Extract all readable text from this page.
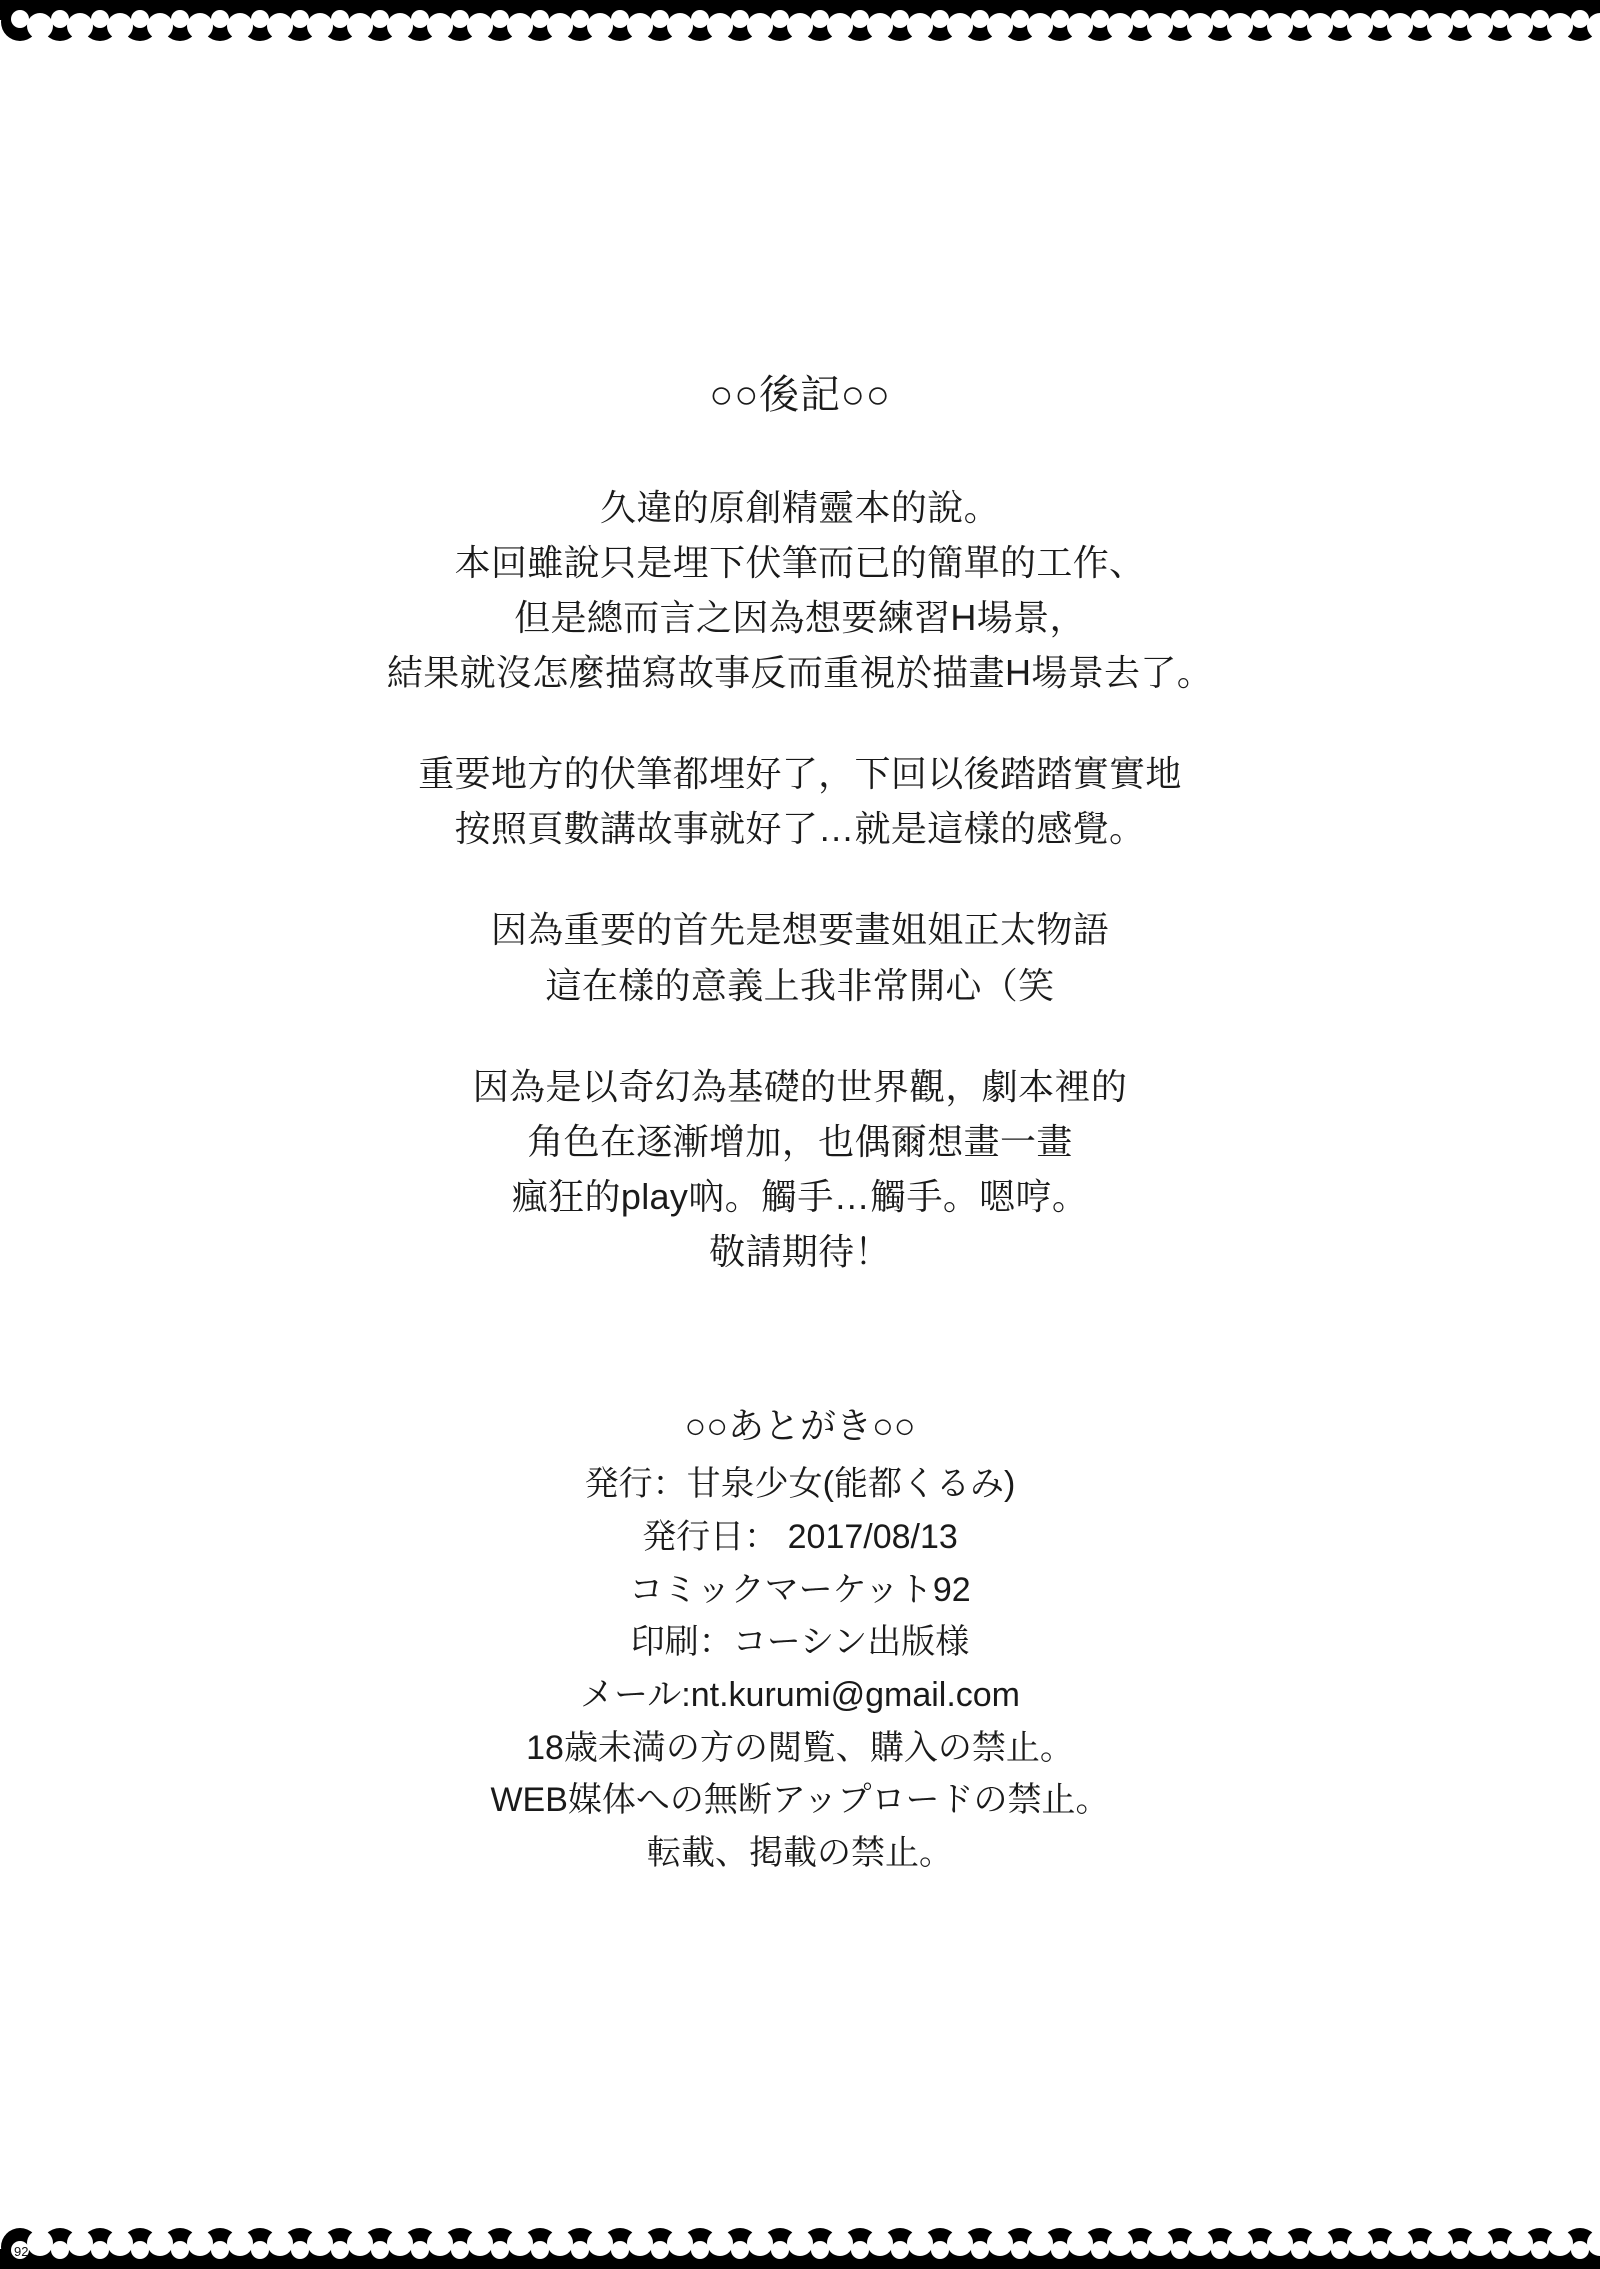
○○後記○○
久違的原創精靈本的說。
本回雖說只是埋下伏筆而已的簡單的工作、
但是總而言之因為想要練習H場景，
結果就沒怎麼描寫故事反而重視於描畫H場景去了。
重要地方的伏筆都埋好了，下回以後踏踏實實地
按照頁數講故事就好了…就是這樣的感覺。
因為重要的首先是想要畫姐姐正太物語
這在樣的意義上我非常開心（笑
因為是以奇幻為基礎的世界觀，劇本裡的
角色在逐漸增加，也偶爾想畫一畫
瘋狂的play吶。觸手…觸手。嗯哼。
敬請期待！
○○あとがき○○
発行：甘泉少女(能都くるみ)
発行日： 2017/08/13
コミックマーケット92
印刷：コーシン出版様
メール:nt.kurumi@gmail.com
18歳未満の方の閲覧、購入の禁止。
WEB媒体への無断アップロードの禁止。
転載、掲載の禁止。
92
